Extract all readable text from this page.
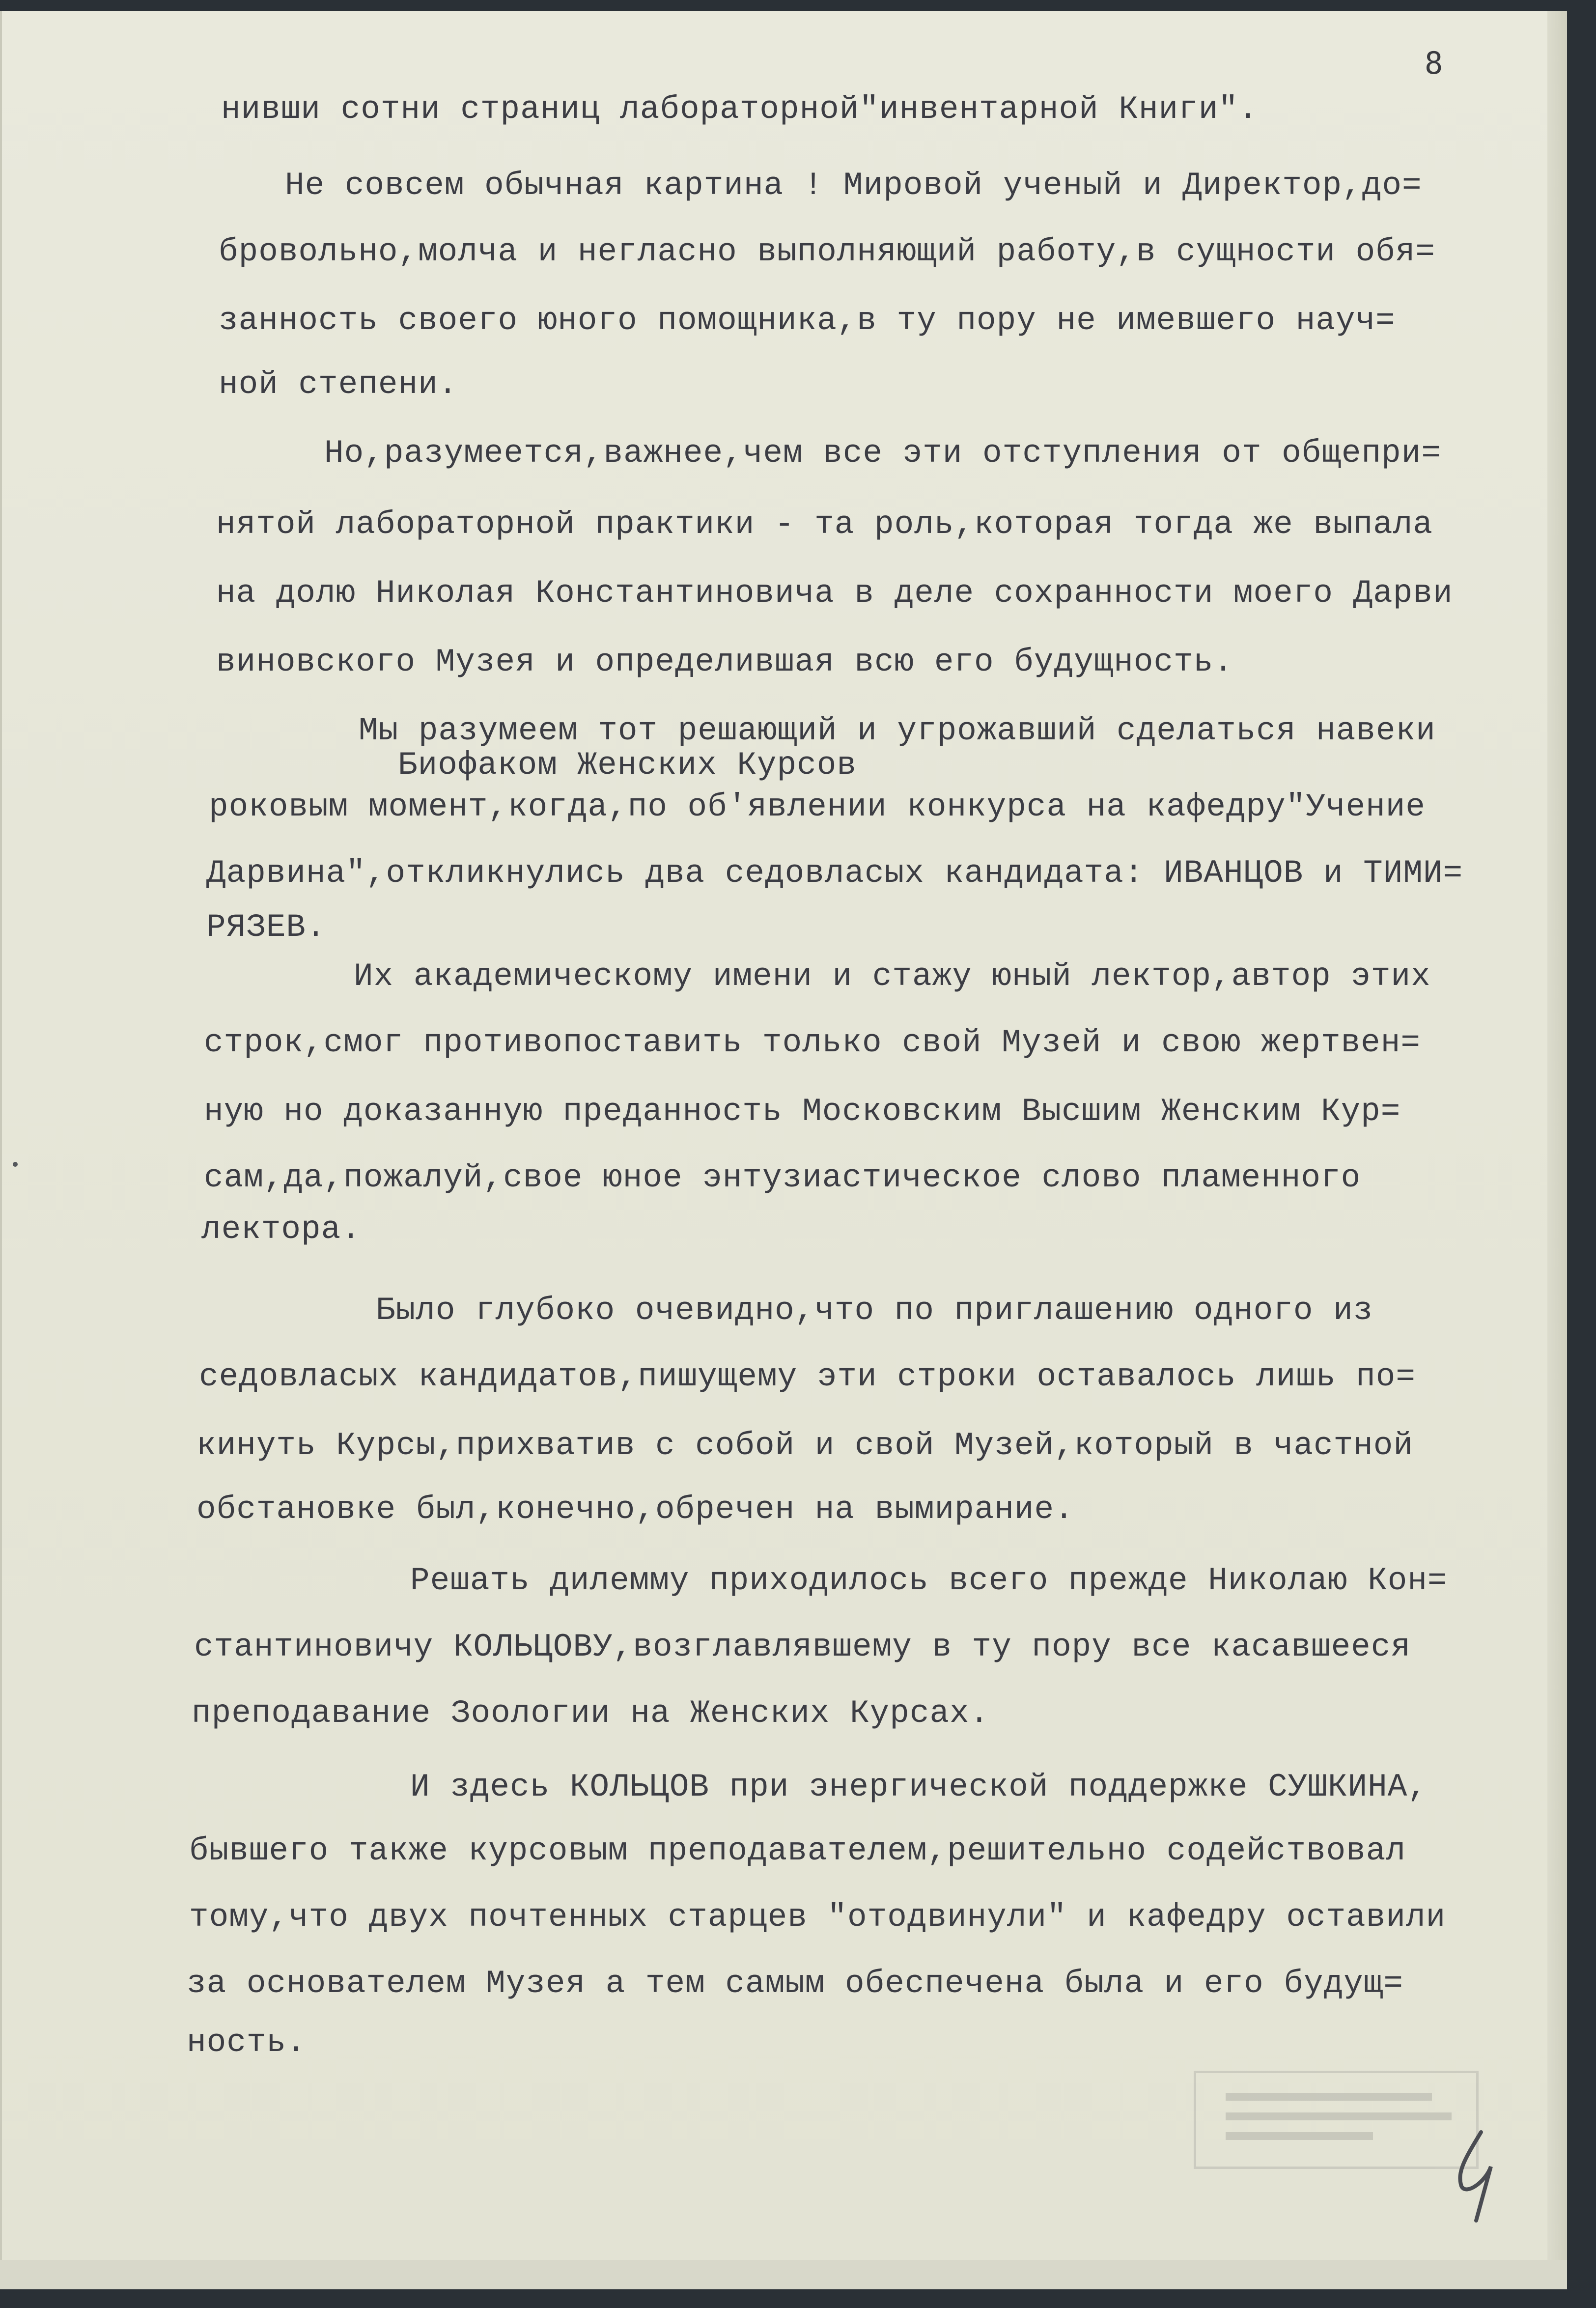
8
нивши сотни страниц лабораторной"инвентарной Книги".
Не совсем обычная картина ! Мировой ученый и Директор,до=
бровольно,молча и негласно выполняющий работу,в сущности обя=
занность своего юного помощника,в ту пору не имевшего науч=
ной степени.
Но,разумеется,важнее,чем все эти отступления от общепри=
нятой лабораторной практики - та роль,которая тогда же выпала
на долю Николая Константиновича в деле сохранности моего Дарви
виновского Музея и определившая всю его будущность.
Мы разумеем тот решающий и угрожавший сделаться навеки
Биофаком Женских Курсов
роковым момент,когда,по об'явлении конкурса на кафедру"Учение
Дарвина",откликнулись два седовласых кандидата: ИВАНЦОВ и ТИМИ=
РЯЗЕВ.
Их академическому имени и стажу юный лектор,автор этих
строк,смог противопоставить только свой Музей и свою жертвен=
ную но доказанную преданность Московским Высшим Женским Кур=
сам,да,пожалуй,свое юное энтузиастическое слово пламенного
лектора.
Было глубоко очевидно,что по приглашению одного из
седовласых кандидатов,пишущему эти строки оставалось лишь по=
кинуть Курсы,прихватив с собой и свой Музей,который в частной
обстановке был,конечно,обречен на вымирание.
Решать дилемму приходилось всего прежде Николаю Кон=
стантиновичу КОЛЬЦОВУ,возглавлявшему в ту пору все касавшееся
преподавание Зоологии на Женских Курсах.
И здесь КОЛЬЦОВ при энергической поддержке СУШКИНА,
бывшего также курсовым преподавателем,решительно содействовал
тому,что двух почтенных старцев "отодвинули" и кафедру оставили
за основателем Музея а тем самым обеспечена была и его будущ=
ность.
